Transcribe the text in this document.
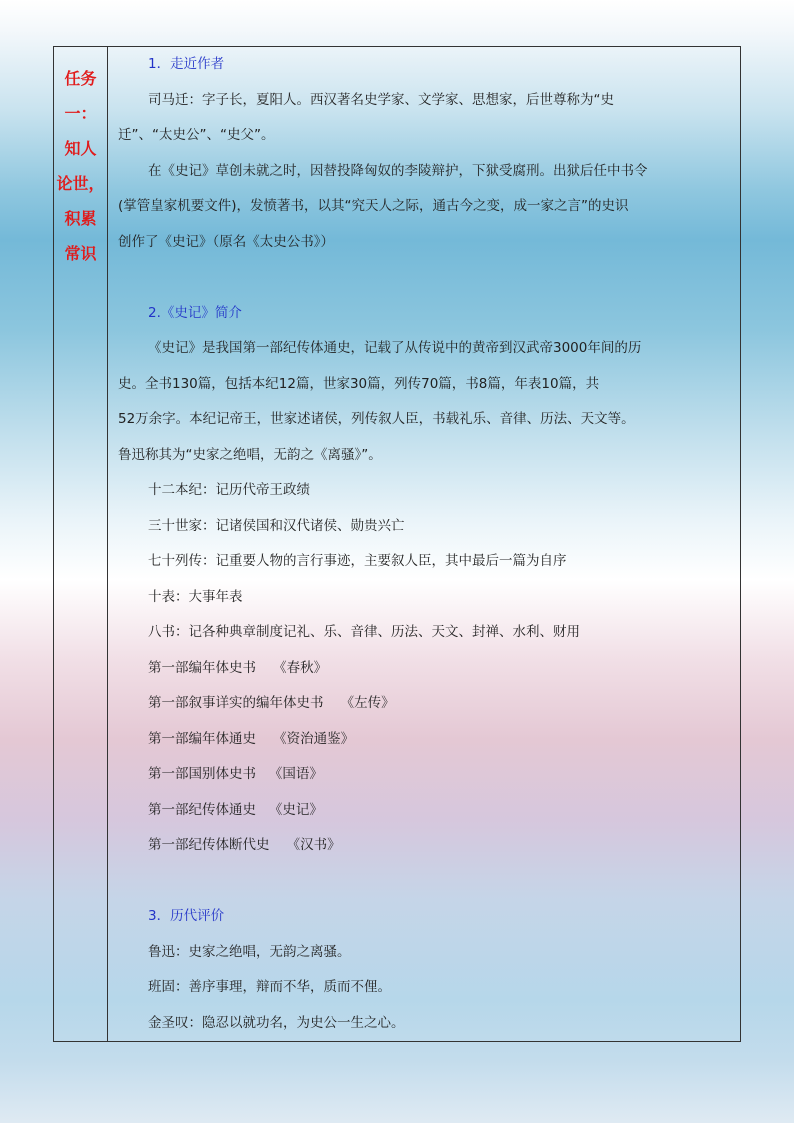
任务
一：
知人
论世，
积累
常识
1．走近作者
司马迁：字子长，夏阳人。西汉著名史学家、文学家、思想家，后世尊称为“史
迁”、“太史公”、“史父”。
在《史记》草创未就之时，因替投降匈奴的李陵辩护，下狱受腐刑。出狱后任中书令
(掌管皇家机要文件)，发愤著书，以其“究天人之际，通古今之变，成一家之言”的史识
创作了《史记》（原名《太史公书》）
2.《史记》简介
《史记》是我国第一部纪传体通史，记载了从传说中的黄帝到汉武帝3000年间的历
史。全书130篇，包括本纪12篇，世家30篇，列传70篇，书8篇，年表10篇，共
52万余字。本纪记帝王，世家述诸侯，列传叙人臣，书载礼乐、音律、历法、天文等。
鲁迅称其为“史家之绝唱，无韵之《离骚》”。
十二本纪：记历代帝王政绩
三十世家：记诸侯国和汉代诸侯、勋贵兴亡
七十列传：记重要人物的言行事迹，主要叙人臣，其中最后一篇为自序
十表：大事年表
八书：记各种典章制度记礼、乐、音律、历法、天文、封禅、水利、财用
第一部编年体史书    《春秋》
第一部叙事详实的编年体史书    《左传》
第一部编年体通史    《资治通鉴》
第一部国别体史书   《国语》
第一部纪传体通史   《史记》
第一部纪传体断代史    《汉书》
3．历代评价
鲁迅：史家之绝唱，无韵之离骚。
班固：善序事理，辩而不华，质而不俚。
金圣叹：隐忍以就功名，为史公一生之心。
